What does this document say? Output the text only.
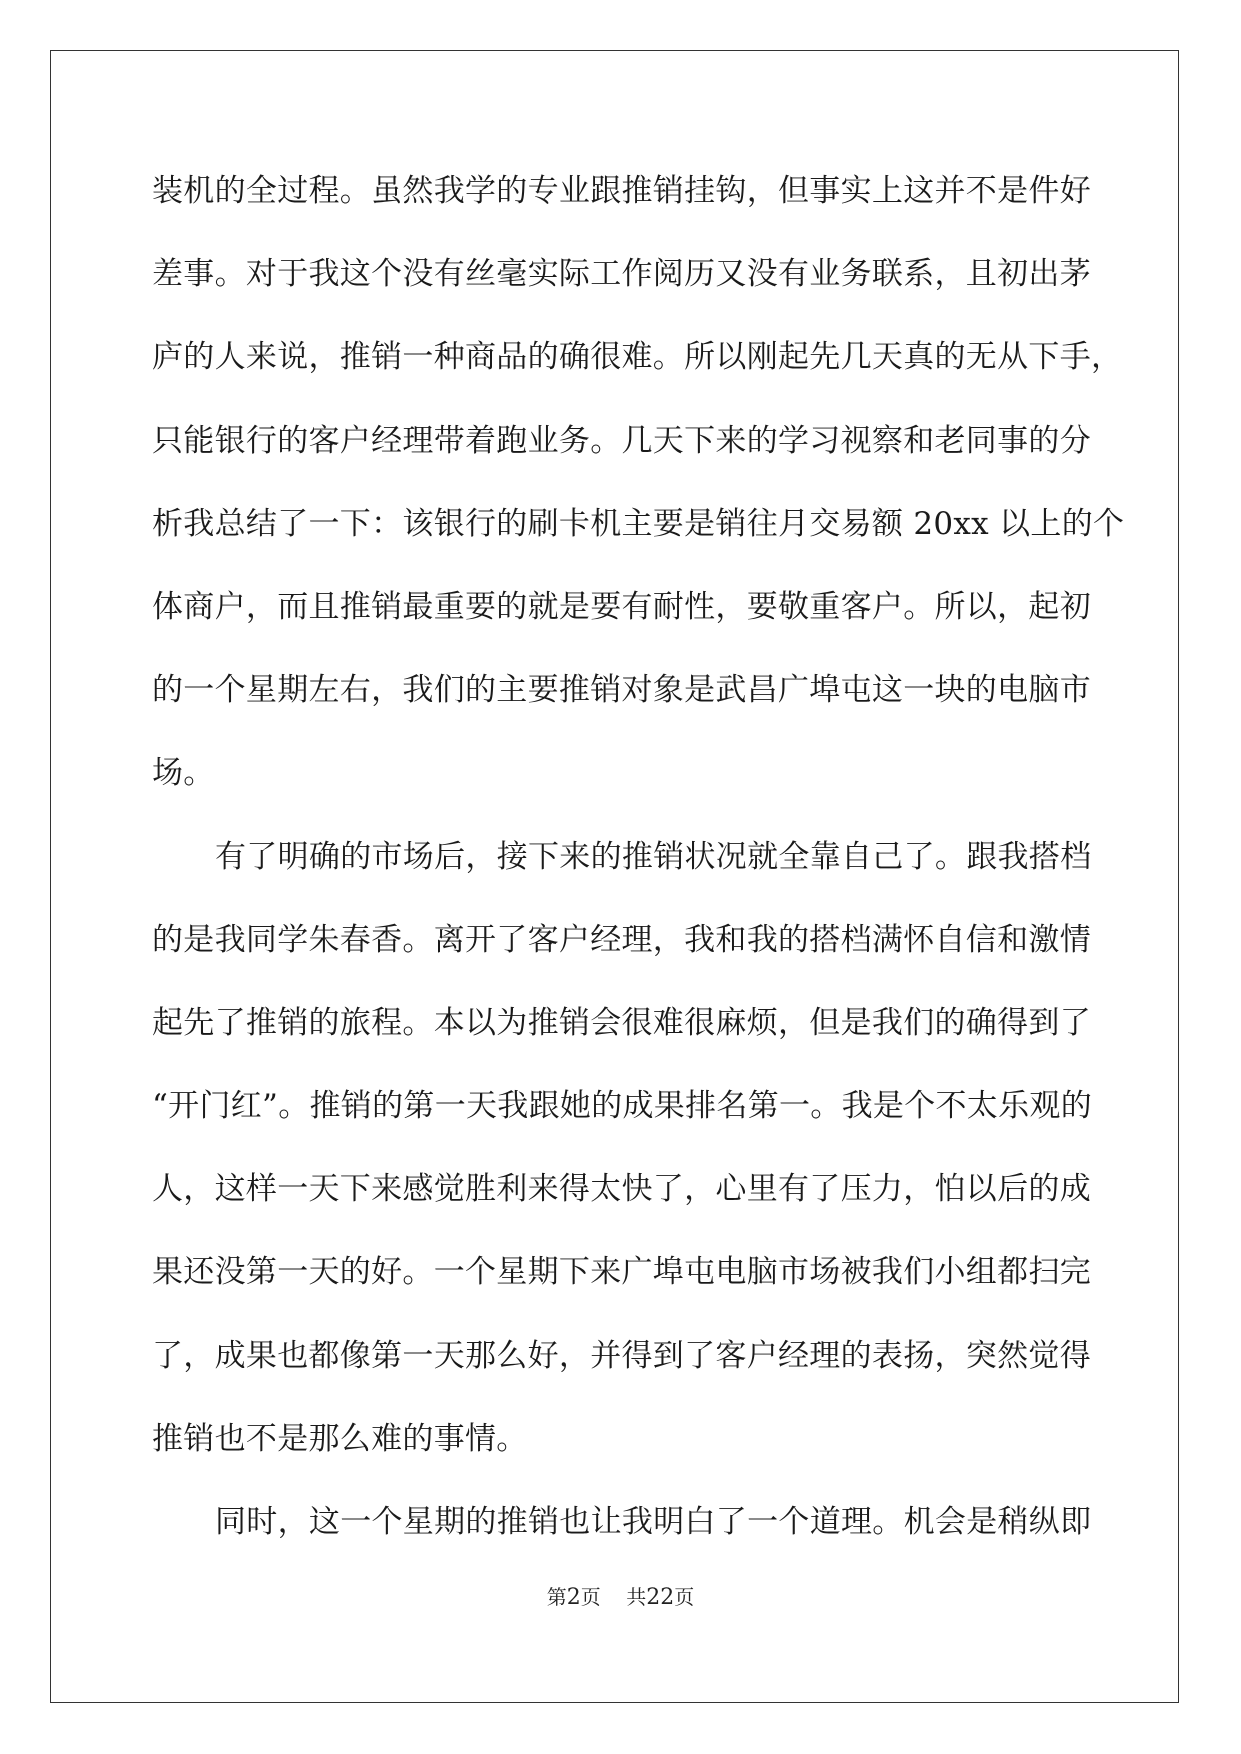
装机的全过程。虽然我学的专业跟推销挂钩，但事实上这并不是件好
差事。对于我这个没有丝毫实际工作阅历又没有业务联系，且初出茅
庐的人来说，推销一种商品的确很难。所以刚起先几天真的无从下手，
只能银行的客户经理带着跑业务。几天下来的学习视察和老同事的分
析我总结了一下：该银行的刷卡机主要是销往月交易额 20xx 以上的个
体商户，而且推销最重要的就是要有耐性，要敬重客户。所以，起初
的一个星期左右，我们的主要推销对象是武昌广埠屯这一块的电脑市
场。
有了明确的市场后，接下来的推销状况就全靠自己了。跟我搭档
的是我同学朱春香。离开了客户经理，我和我的搭档满怀自信和激情
起先了推销的旅程。本以为推销会很难很麻烦，但是我们的确得到了
“开门红”。推销的第一天我跟她的成果排名第一。我是个不太乐观的
人，这样一天下来感觉胜利来得太快了，心里有了压力，怕以后的成
果还没第一天的好。一个星期下来广埠屯电脑市场被我们小组都扫完
了，成果也都像第一天那么好，并得到了客户经理的表扬，突然觉得
推销也不是那么难的事情。
同时，这一个星期的推销也让我明白了一个道理。机会是稍纵即
第2页 共22页
